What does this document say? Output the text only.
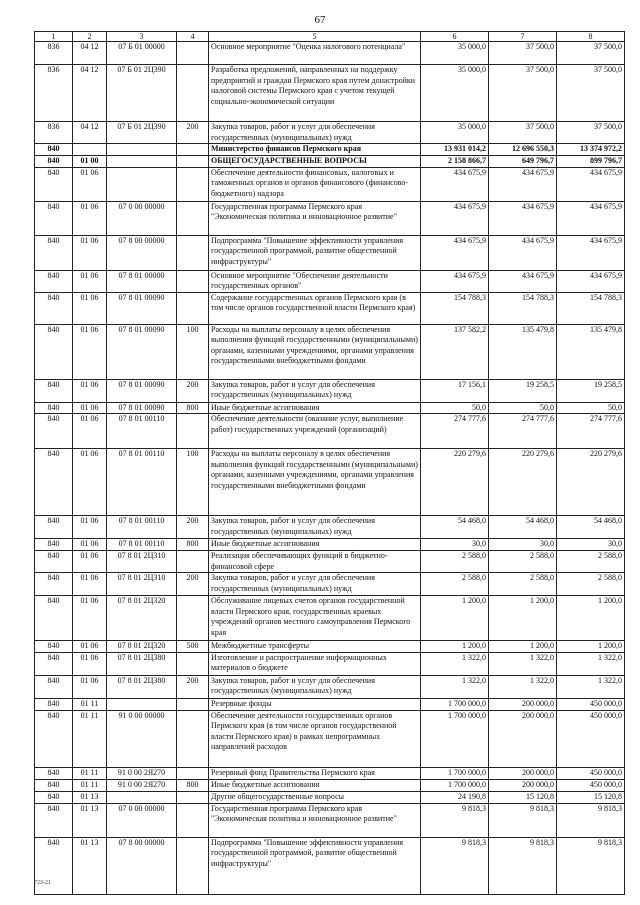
67
1	2	3	4	5	6	7	8
836	04 12	07 Б 01 00000		Основное мероприятие "Оценка налогового потенциала"	35 000,0	37 500,0	37 500,0
836	04 12	07 Б 01 2Ц390		Разработка предложений, направленных на поддержку предприятий и граждан Пермского края путем донастройки налоговой системы Пермского края с учетом текущей социально-экономической ситуации	35 000,0	37 500,0	37 500,0
836	04 12	07 Б 01 2Ц390	200	Закупка товаров, работ и услуг для обеспечения государственных (муниципальных) нужд	35 000,0	37 500,0	37 500,0
840				Министерство финансов Пермского края	13 931 014,2	12 696 550,3	13 374 972,2
840	01 00			ОБЩЕГОСУДАРСТВЕННЫЕ ВОПРОСЫ	2 158 866,7	649 796,7	899 796,7
840	01 06			Обеспечение деятельности финансовых, налоговых и таможенных органов и органов финансового (финансово-бюджетного) надзора	434 675,9	434 675,9	434 675,9
840	01 06	07 0 00 00000		Государственная программа Пермского края "Экономическая политика и инновационное развитие"	434 675,9	434 675,9	434 675,9
840	01 06	07 8 00 00000		Подпрограмма "Повышение эффективности управления государственной программой, развитие общественной инфраструктуры"	434 675,9	434 675,9	434 675,9
840	01 06	07 8 01 00000		Основное мероприятие "Обеспечение деятельности государственных органов"	434 675,9	434 675,9	434 675,9
840	01 06	07 8 01 00090		Содержание государственных органов Пермского края (в том числе органов государственной власти Пермского края)	154 788,3	154 788,3	154 788,3
840	01 06	07 8 01 00090	100	Расходы на выплаты персоналу в целях обеспечения выполнения функций государственными (муниципальными) органами, казенными учреждениями, органами управления государственными внебюджетными фондами	137 582,2	135 479,8	135 479,8
840	01 06	07 8 01 00090	200	Закупка товаров, работ и услуг для обеспечения государственных (муниципальных) нужд	17 156,1	19 258,5	19 258,5
840	01 06	07 8 01 00090	800	Иные бюджетные ассигнования	50,0	50,0	50,0
840	01 06	07 8 01 00110		Обеспечение деятельности (оказание услуг, выполнение работ) государственных учреждений (организаций)	274 777,6	274 777,6	274 777,6
840	01 06	07 8 01 00110	100	Расходы на выплаты персоналу в целях обеспечения выполнения функций государственными (муниципальными) органами, казенными учреждениями, органами управления государственными внебюджетными фондами	220 279,6	220 279,6	220 279,6
840	01 06	07 8 01 00110	200	Закупка товаров, работ и услуг для обеспечения государственных (муниципальных) нужд	54 468,0	54 468,0	54 468,0
840	01 06	07 8 01 00110	800	Иные бюджетные ассигнования	30,0	30,0	30,0
840	01 06	07 8 01 2Ц310		Реализация обеспечивающих функций в бюджетно-финансовой сфере	2 588,0	2 588,0	2 588,0
840	01 06	07 8 01 2Ц310	200	Закупка товаров, работ и услуг для обеспечения государственных (муниципальных) нужд	2 588,0	2 588,0	2 588,0
840	01 06	07 8 01 2Ц320		Обслуживание лицевых счетов органов государственной власти Пермского края, государственных краевых учреждений органов местного самоуправления Пермского края	1 200,0	1 200,0	1 200,0
840	01 06	07 8 01 2Ц320	500	Межбюджетные трансферты	1 200,0	1 200,0	1 200,0
840	01 06	07 8 01 2Ц380		Изготовление и распространение информационных материалов о бюджете	1 322,0	1 322,0	1 322,0
840	01 06	07 8 01 2Ц380	200	Закупка товаров, работ и услуг для обеспечения государственных (муниципальных) нужд	1 322,0	1 322,0	1 322,0
840	01 11			Резервные фонды	1 700 000,0	200 000,0	450 000,0
840	01 11	91 0 00 00000		Обеспечение деятельности государственных органов Пермского края (в том числе органов государственной власти Пермского края) в рамках непрограммных направлений расходов	1 700 000,0	200 000,0	450 000,0
840	01 11	91 0 00 2Я270		Резервный фонд Правительства Пермского края	1 700 000,0	200 000,0	450 000,0
840	01 11	91 0 00 2Я270	800	Иные бюджетные ассигнования	1 700 000,0	200 000,0	450 000,0
840	01 13			Другие общегосударственные вопросы	24 190,8	15 120,8	15 120,8
840	01 13	07 0 00 00000		Государственная программа Пермского края "Экономическая политика и инновационное развитие"	9 818,3	9 818,3	9 818,3
840	01 13	07 8 00 00000		Подпрограмма "Повышение эффективности управления государственной программой, развитие общественной инфраструктуры"	9 818,3	9 818,3	9 818,3
723-21
